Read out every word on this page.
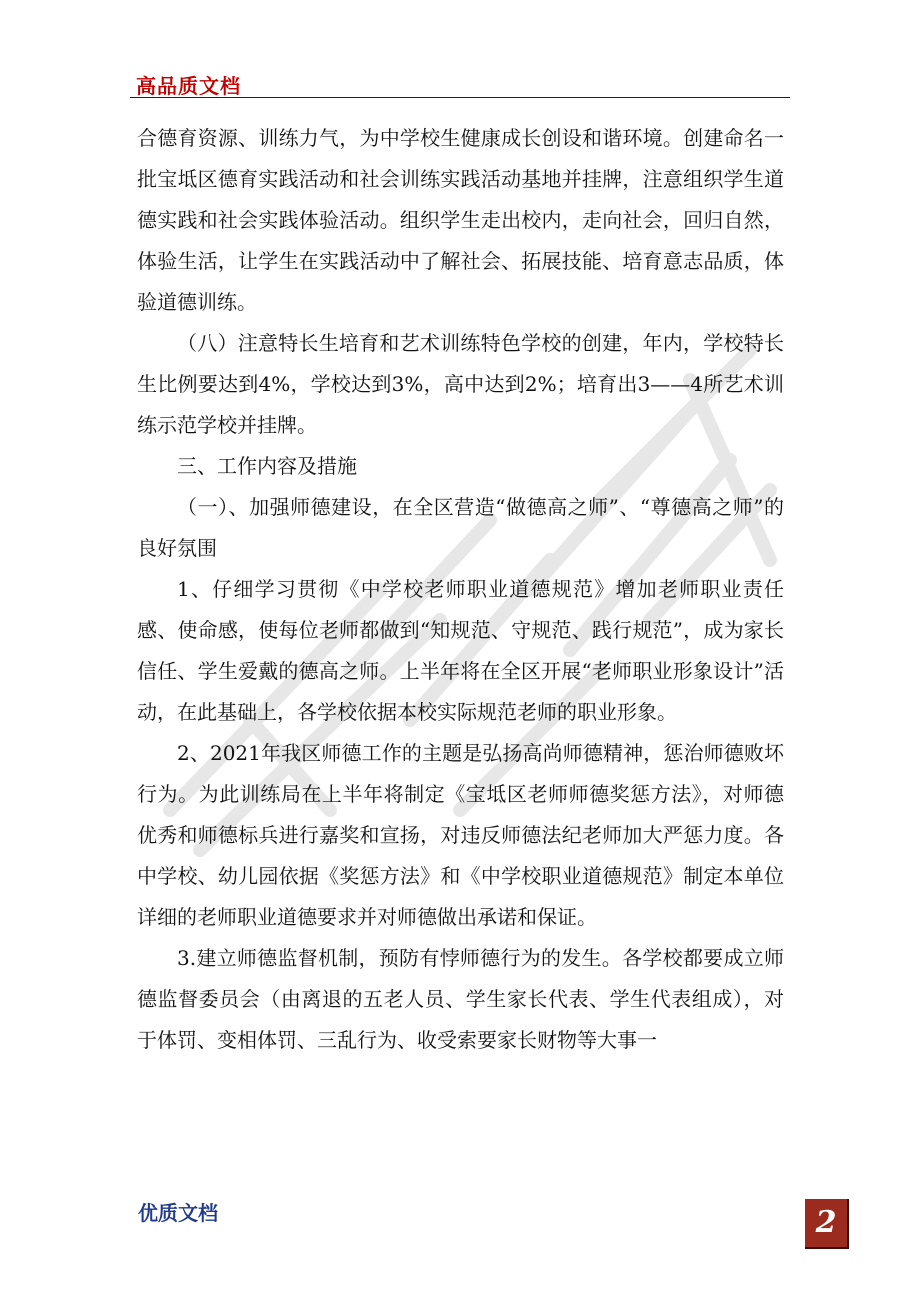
高品质文档

合德育资源、训练力气，为中学校生健康成长创设和谐环境。创建命名一批宝坻区德育实践活动和社会训练实践活动基地并挂牌，注意组织学生道德实践和社会实践体验活动。组织学生走出校内，走向社会，回归自然，体验生活，让学生在实践活动中了解社会、拓展技能、培育意志品质，体验道德训练。

（八）注意特长生培育和艺术训练特色学校的创建，年内，学校特长生比例要达到4%，学校达到3%，高中达到2%；培育出3——4所艺术训练示范学校并挂牌。

三、工作内容及措施

（一）、加强师德建设，在全区营造“做德高之师”、“尊德高之师”的良好氛围

1、仔细学习贯彻《中学校老师职业道德规范》增加老师职业责任感、使命感，使每位老师都做到“知规范、守规范、践行规范”，成为家长信任、学生爱戴的德高之师。上半年将在全区开展“老师职业形象设计”活动，在此基础上，各学校依据本校实际规范老师的职业形象。

2、2021年我区师德工作的主题是弘扬高尚师德精神，惩治师德败坏行为。为此训练局在上半年将制定《宝坻区老师师德奖惩方法》，对师德优秀和师德标兵进行嘉奖和宣扬，对违反师德法纪老师加大严惩力度。各中学校、幼儿园依据《奖惩方法》和《中学校职业道德规范》制定本单位详细的老师职业道德要求并对师德做出承诺和保证。

3.建立师德监督机制，预防有悖师德行为的发生。各学校都要成立师德监督委员会（由离退的五老人员、学生家长代表、学生代表组成），对于体罚、变相体罚、三乱行为、收受索要家长财物等大事一

优质文档	2
